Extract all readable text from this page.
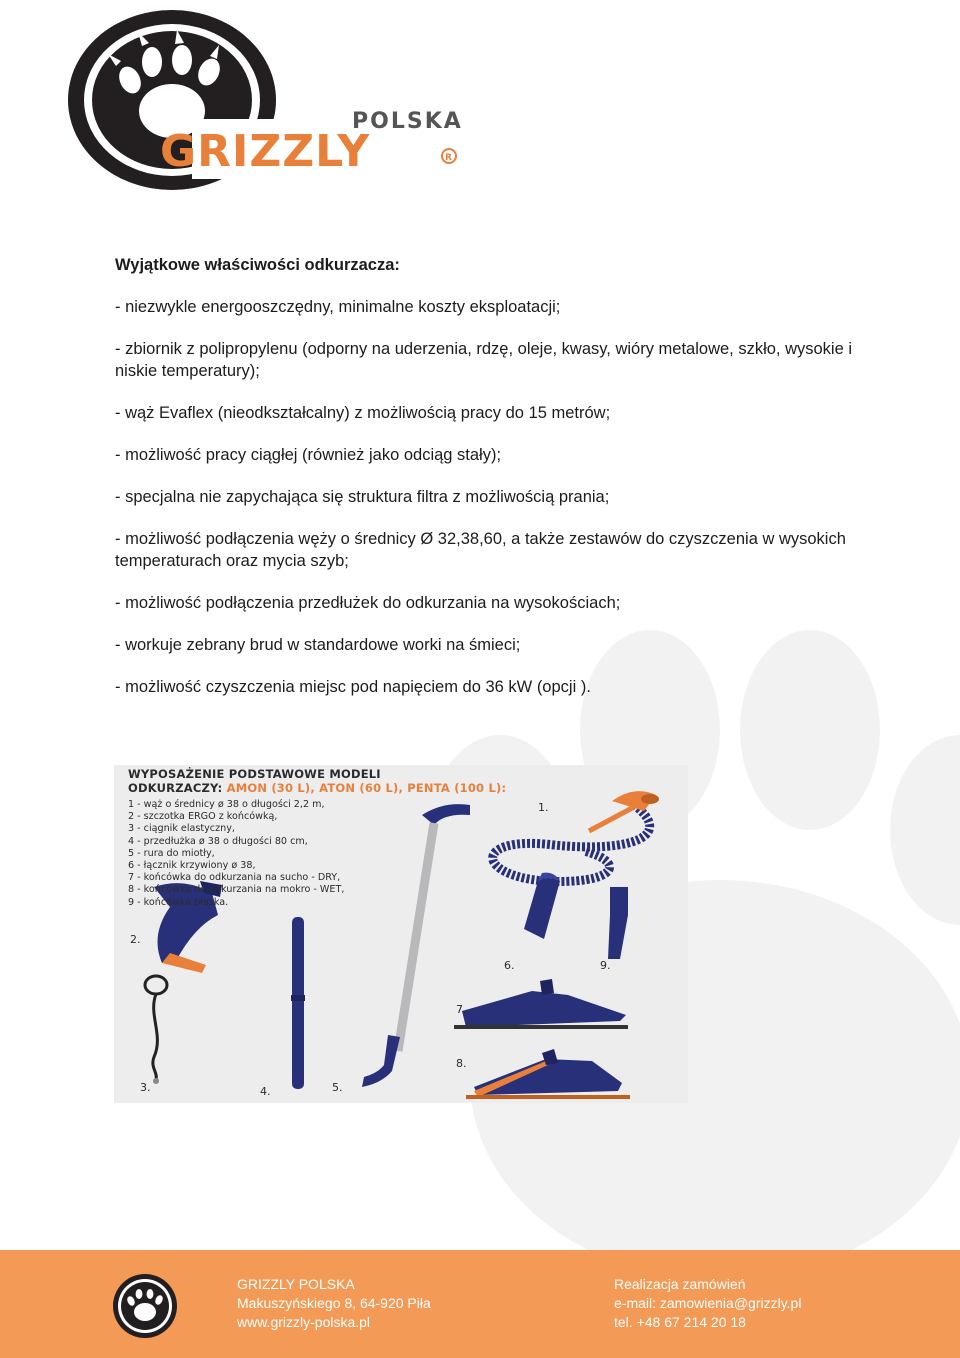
POLSKA
GRIZZLY	R
Wyjątkowe właściwości odkurzacza:
- niezwykle energooszczędny, minimalne koszty eksploatacji;
- zbiornik z polipropylenu (odporny na uderzenia, rdzę, oleje, kwasy, wióry metalowe, szkło, wysokie i niskie temperatury);
- wąż Evaflex (nieodkształcalny) z możliwością pracy do 15 metrów;
- możliwość pracy ciągłej (również jako odciąg stały);
- specjalna nie zapychająca się struktura filtra z możliwością prania;
- możliwość podłączenia węży o średnicy Ø 32,38,60, a także zestawów do czyszczenia w wysokich temperaturach oraz mycia szyb;
- możliwość podłączenia przedłużek do odkurzania na wysokościach;
- workuje zebrany brud w standardowe worki na śmieci;
- możliwość czyszczenia miejsc pod napięciem do 36 kW (opcji ).
WYPOSAŻENIE PODSTAWOWE MODELI
ODKURZACZY: AMON (30 L), ATON (60 L), PENTA (100 L):
1 - wąż o średnicy ø 38 o długości 2,2 m,
2 - szczotka ERGO z końcówką,
3 - ciągnik elastyczny,
4 - przedłużka ø 38 o długości 80 cm,
5 - rura do miotły,
6 - łącznik krzywiony ø 38,
7 - końcówka do odkurzania na sucho - DRY,
8 - końcówka do odkurzania na mokro - WET,
9 - końcówka płaska.
1.
2.
3.	4.	5.
6.
7.
8.
9.
GRIZZLY POLSKA
Makuszyńskiego 8, 64-920 Piła
www.grizzly-polska.pl
Realizacja zamówień
e-mail: zamowienia@grizzly.pl
tel. +48 67 214 20 18
